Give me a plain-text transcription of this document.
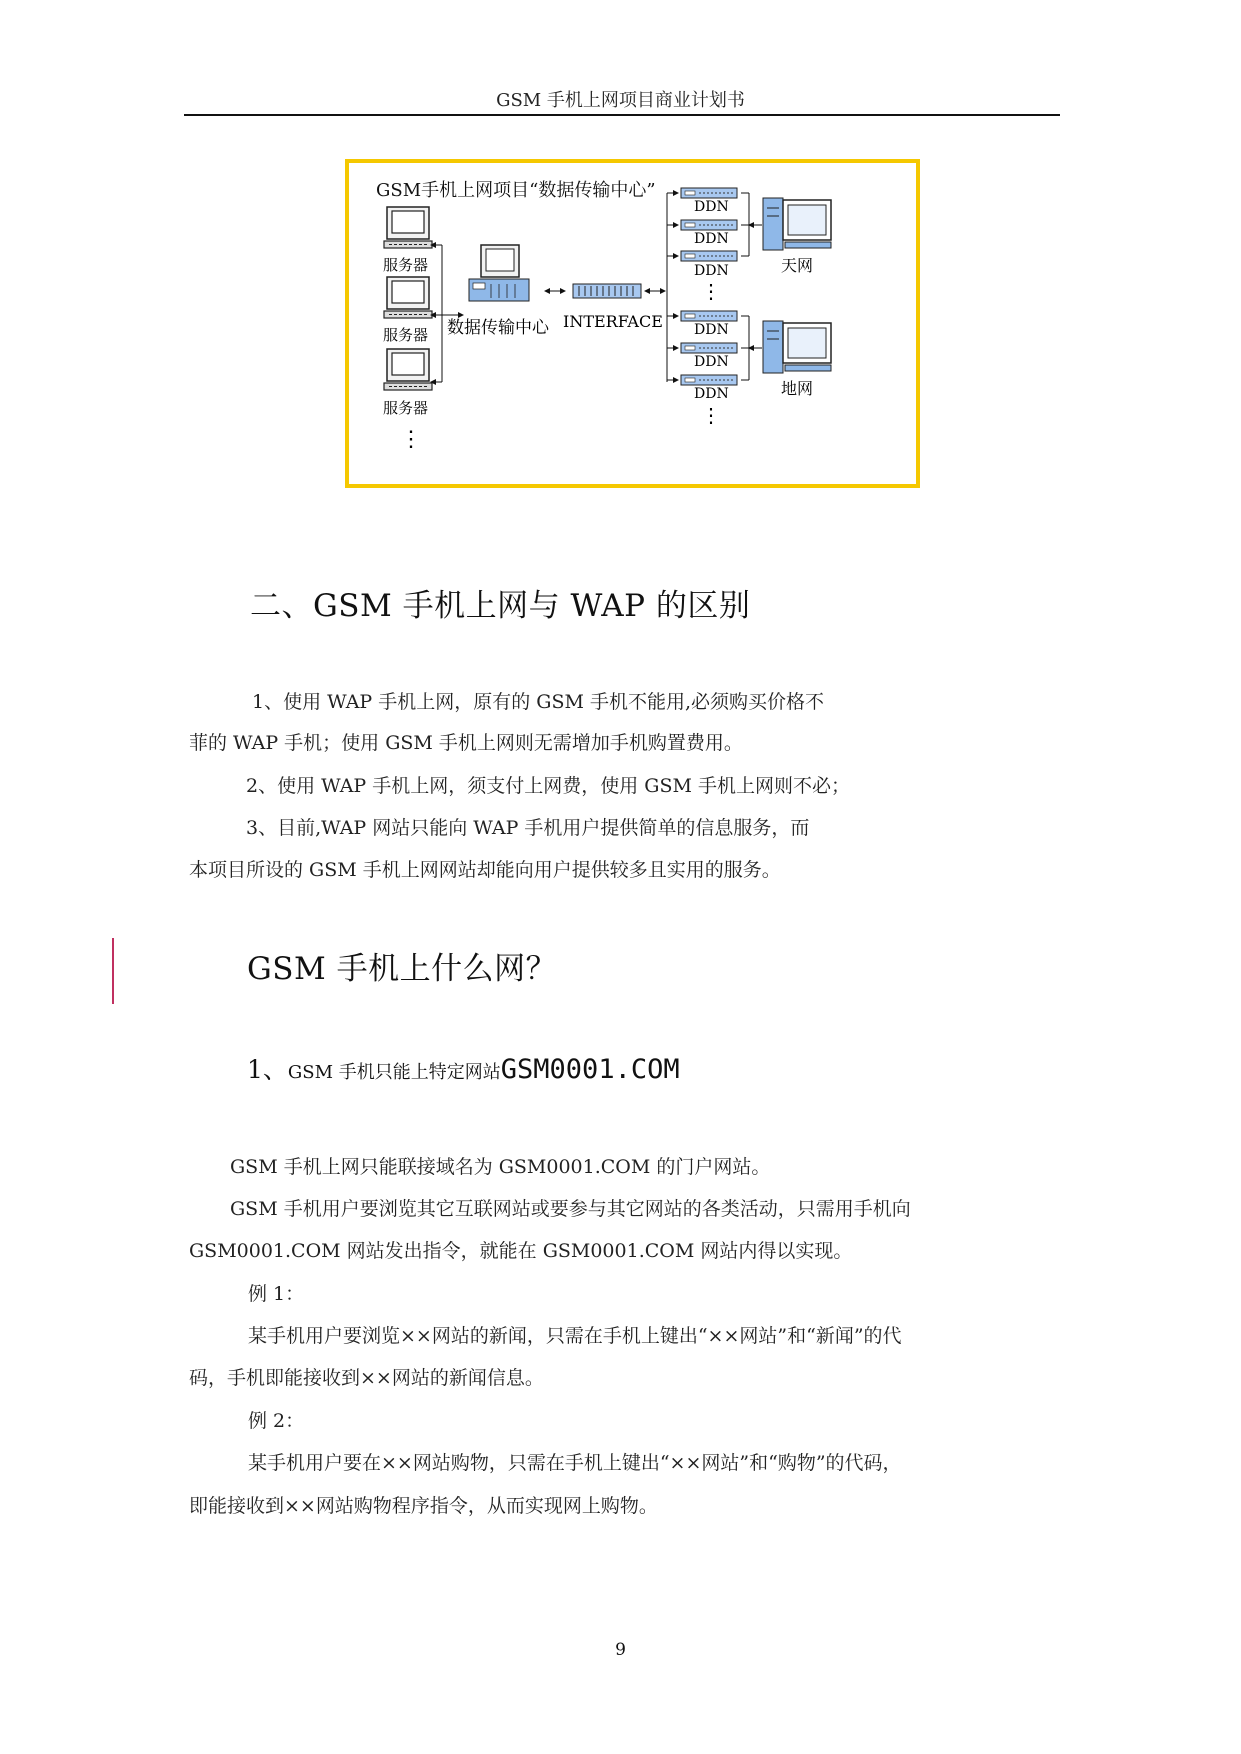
GSM 手机上网项目商业计划书
GSM手机上网项目“数据传输中心”
服务器
服务器
服务器
⋮
数据传输中心 INTERFACE
DDN
DDN
DDN
⋮
DDN
DDN
DDN
⋮
天网
地网
二、GSM 手机上网与 WAP 的区别
1、使用 WAP 手机上网，原有的 GSM 手机不能用,必须购买价格不
菲的 WAP 手机；使用 GSM 手机上网则无需增加手机购置费用。
2、使用 WAP 手机上网，须支付上网费，使用 GSM 手机上网则不必；
3、目前,WAP 网站只能向 WAP 手机用户提供简单的信息服务，而
本项目所设的 GSM 手机上网网站却能向用户提供较多且实用的服务。
GSM 手机上什么网？
1、GSM 手机只能上特定网站GSM0001.COM
GSM 手机上网只能联接域名为 GSM0001.COM 的门户网站。
GSM 手机用户要浏览其它互联网站或要参与其它网站的各类活动，只需用手机向
GSM0001.COM 网站发出指令，就能在 GSM0001.COM 网站内得以实现。
例 1：
某手机用户要浏览××网站的新闻，只需在手机上键出“××网站”和“新闻”的代
码，手机即能接收到××网站的新闻信息。
例 2：
某手机用户要在××网站购物，只需在手机上键出“××网站”和“购物”的代码，
即能接收到××网站购物程序指令，从而实现网上购物。
9
